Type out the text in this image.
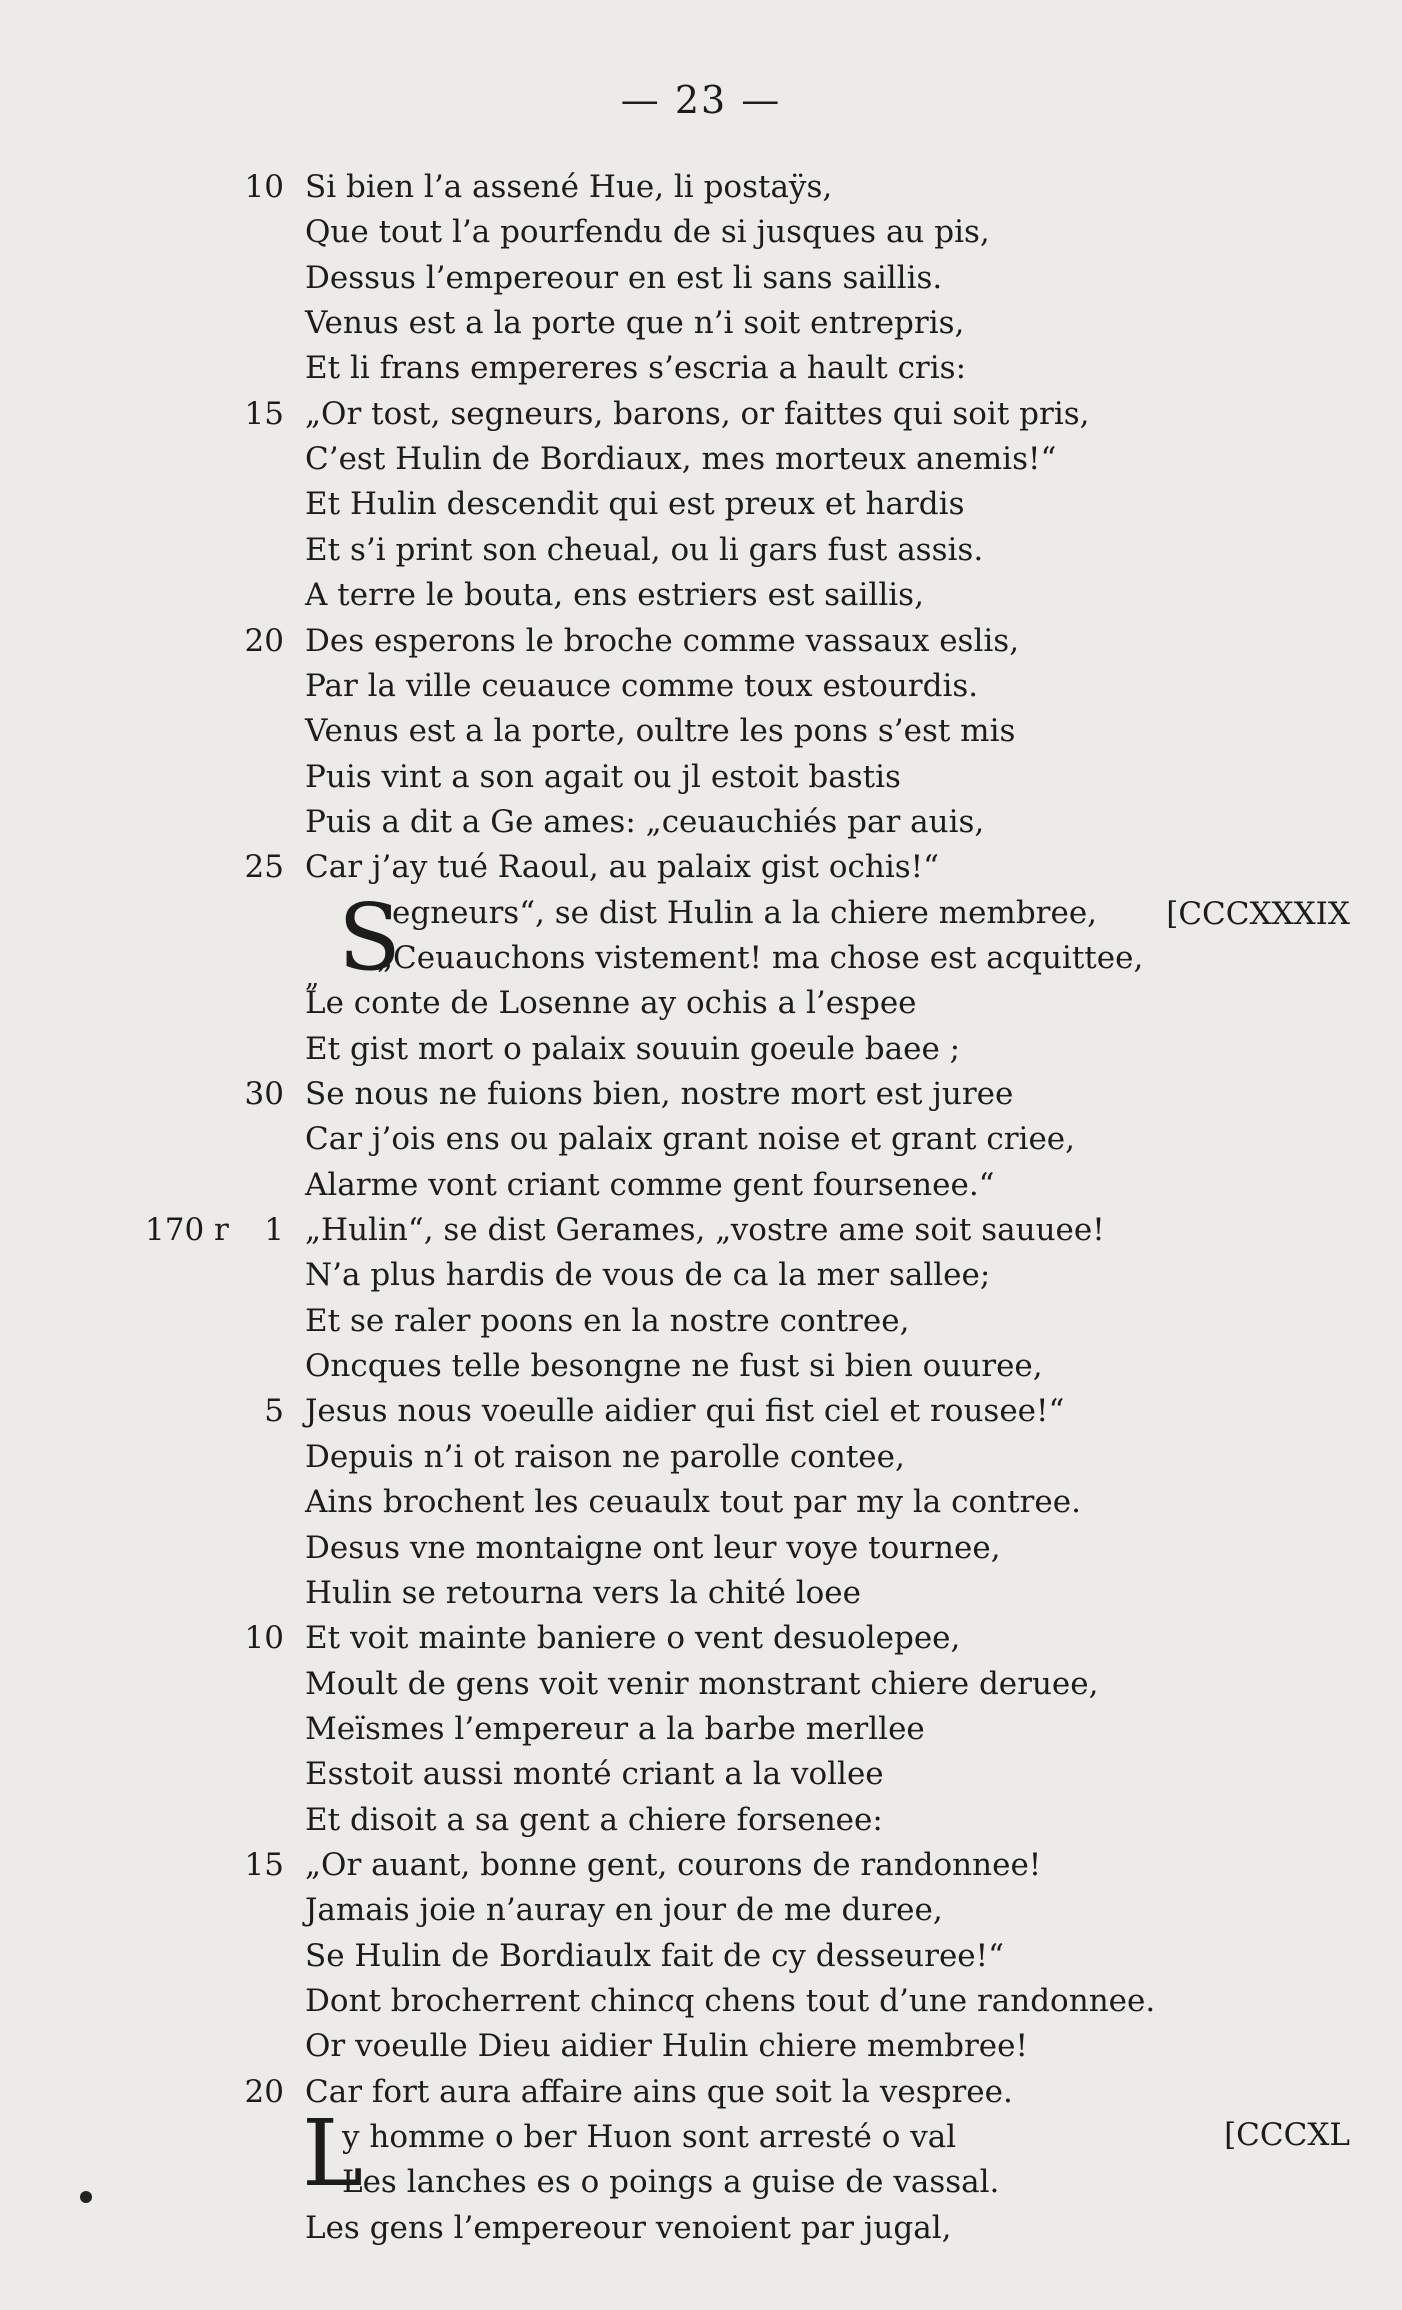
— 23 —
Si bien l’a assené Hue, li postaÿs,
10
Que tout l’a pourfendu de si jusques au pis,
Dessus l’empereour en est li sans saillis.
Venus est a la porte que n’i soit entrepris,
Et li frans empereres s’escria a hault cris:
„Or tost, segneurs, barons, or faittes qui soit pris,
15
C’est Hulin de Bordiaux, mes morteux anemis!“
Et Hulin descendit qui est preux et hardis
Et s’i print son cheual, ou li gars fust assis.
A terre le bouta, ens estriers est saillis,
Des esperons le broche comme vassaux eslis,
20
Par la ville ceuauce comme toux estourdis.
Venus est a la porte, oultre les pons s’est mis
Puis vint a son agait ou jl estoit bastis
Puis a dit a Ge ames: „ceuauchiés par auis,
Car j’ay tué Raoul, au palaix gist ochis!“
25
egneurs“, se dist Hulin a la chiere membree,
„Ceuauchons vistement! ma chose est acquittee,
Le conte de Losenne ay ochis a l’espee
Et gist mort o palaix souuin goeule baee ;
Se nous ne fuions bien, nostre mort est juree
30
Car j’ois ens ou palaix grant noise et grant criee,
Alarme vont criant comme gent foursenee.“
„Hulin“, se dist Gerames, „vostre ame soit sauuee!
1
N’a plus hardis de vous de ca la mer sallee;
Et se raler poons en la nostre contree,
Oncques telle besongne ne fust si bien ouuree,
Jesus nous voeulle aidier qui fist ciel et rousee!“
5
Depuis n’i ot raison ne parolle contee,
Ains brochent les ceuaulx tout par my la contree.
Desus vne montaigne ont leur voye tournee,
Hulin se retourna vers la chité loee
Et voit mainte baniere o vent desuolepee,
10
Moult de gens voit venir monstrant chiere deruee,
Meïsmes l’empereur a la barbe merllee
Esstoit aussi monté criant a la vollee
Et disoit a sa gent a chiere forsenee:
„Or auant, bonne gent, courons de randonnee!
15
Jamais joie n’auray en jour de me duree,
Se Hulin de Bordiaulx fait de cy desseuree!“
Dont brocherrent chincq chens tout d’une randonnee.
Or voeulle Dieu aidier Hulin chiere membree!
Car fort aura affaire ains que soit la vespree.
20
y homme o ber Huon sont arresté o val
Les lanches es o poings a guise de vassal.
Les gens l’empereour venoient par jugal,
170 r
[CCCXXXIX
[CCCXL
S
„
L
